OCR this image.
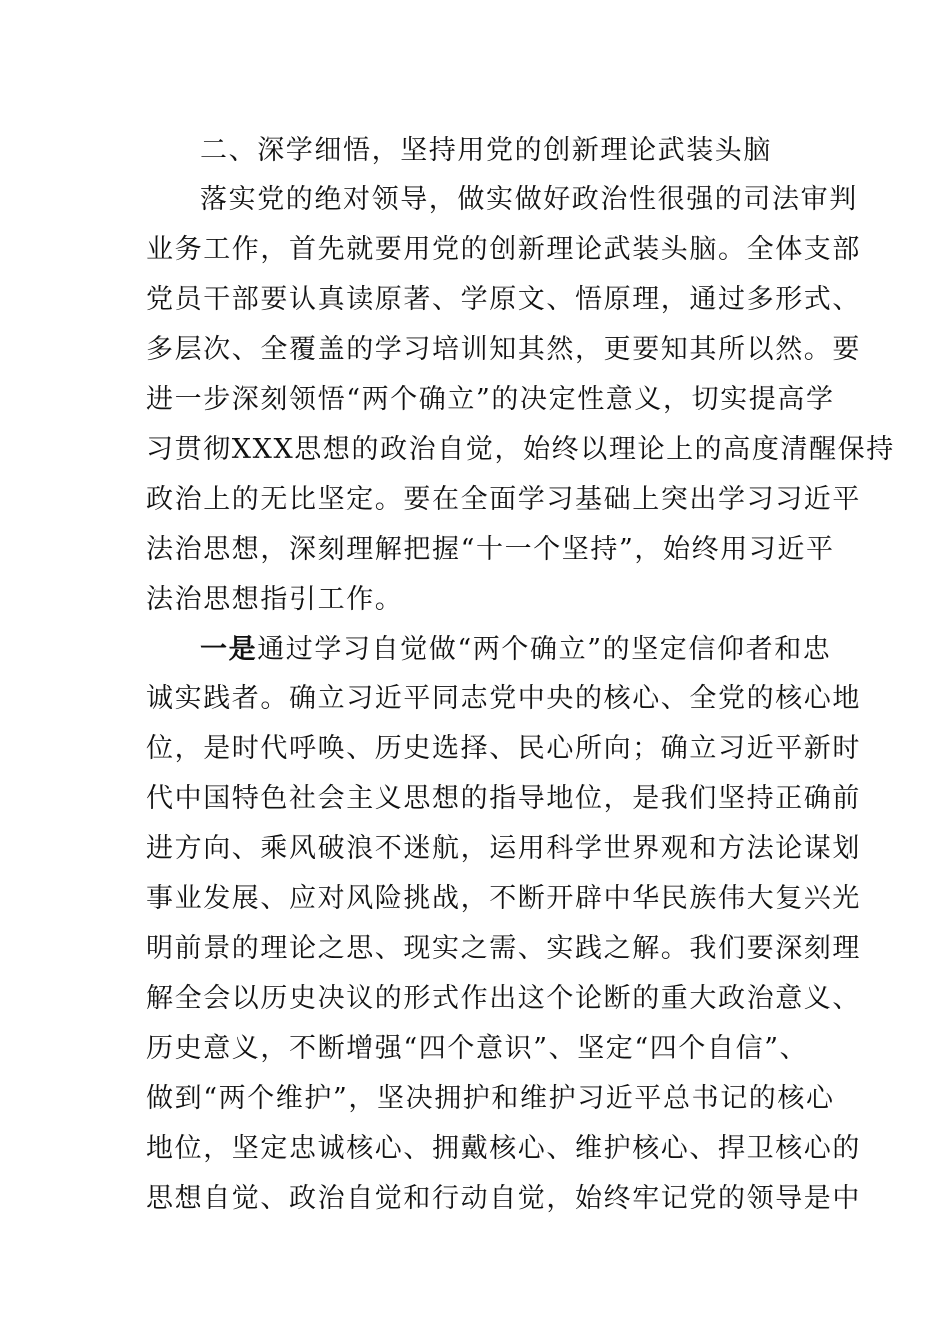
二、深学细悟，坚持用党的创新理论武装头脑

落实党的绝对领导，做实做好政治性很强的司法审判

业务工作，首先就要用党的创新理论武装头脑。全体支部

党员干部要认真读原著、学原文、悟原理，通过多形式、

多层次、全覆盖的学习培训知其然，更要知其所以然。要

进一步深刻领悟“两个确立”的决定性意义，切实提高学

习贯彻XXX思想的政治自觉，始终以理论上的高度清醒保持

政治上的无比坚定。要在全面学习基础上突出学习习近平

法治思想，深刻理解把握“十一个坚持”，始终用习近平

法治思想指引工作。

一是通过学习自觉做“两个确立”的坚定信仰者和忠

诚实践者。确立习近平同志党中央的核心、全党的核心地

位，是时代呼唤、历史选择、民心所向；确立习近平新时

代中国特色社会主义思想的指导地位，是我们坚持正确前

进方向、乘风破浪不迷航，运用科学世界观和方法论谋划

事业发展、应对风险挑战，不断开辟中华民族伟大复兴光

明前景的理论之思、现实之需、实践之解。我们要深刻理

解全会以历史决议的形式作出这个论断的重大政治意义、

历史意义，不断增强“四个意识”、坚定“四个自信”、

做到“两个维护”，坚决拥护和维护习近平总书记的核心

地位，坚定忠诚核心、拥戴核心、维护核心、捍卫核心的

思想自觉、政治自觉和行动自觉，始终牢记党的领导是中
